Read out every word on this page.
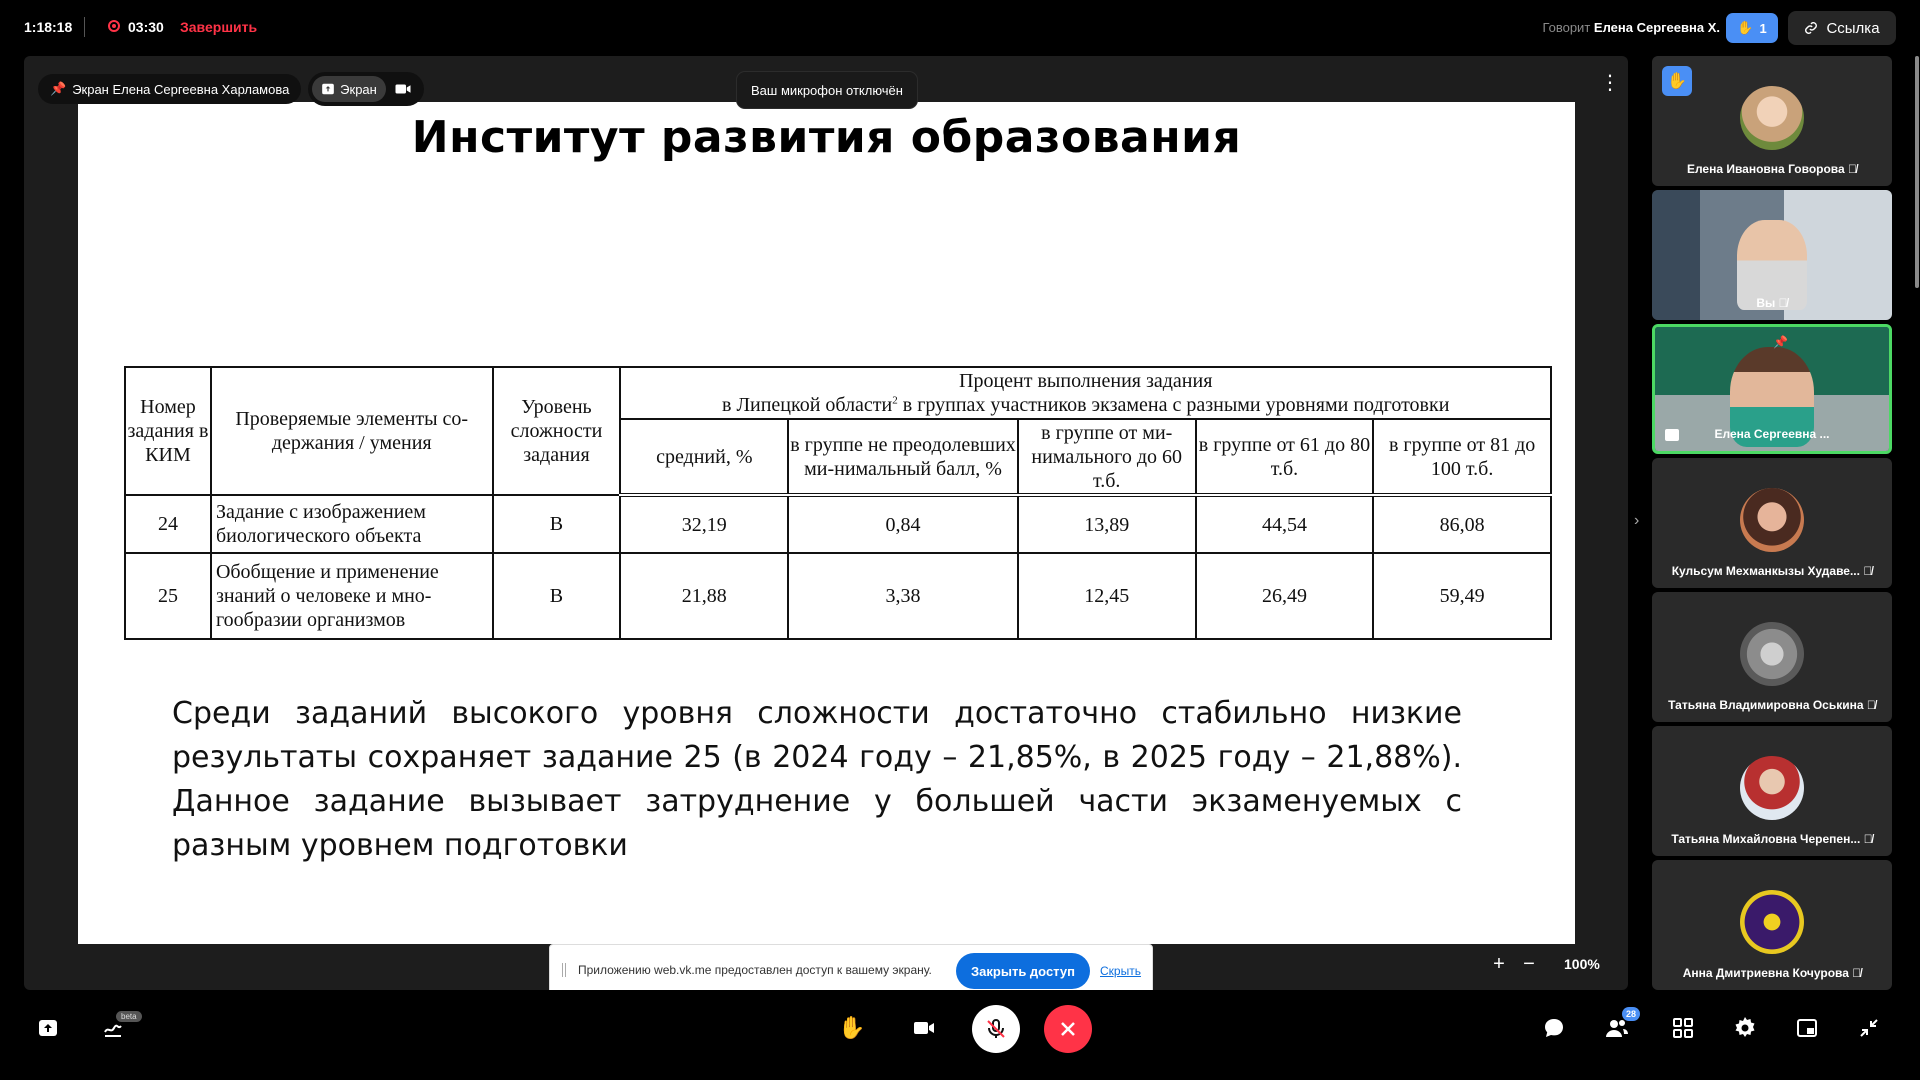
1:18:18	03:30 Завершить	Говорит Елена Сергеевна Х. ✋ 1	Ссылка
Институт развития образования
Номер задания в КИМ	Проверяемые элементы со-держания / умения	Уровень сложности задания	Процент выполнения задания
в Липецкой области$^2$ в группах участников экзамена с разными уровнями подготовки				
			средний, %	в группе не преодолевших ми-нимальный балл, %	в группе от ми-нимального до 60 т.б.	в группе от 61 до 80 т.б.	в группе от 81 до 100 т.б.
24	Задание с изображением биологического объекта	В	32,19	0,84	13,89	44,54	86,08
25	Обобщение и применение знаний о человеке и мно-гообразии организмов	В	21,88	3,38	12,45	26,49	59,49
Среди заданий высокого уровня сложности достаточно стабильно низкие результаты сохраняет задание 25 (в 2024 году – 21,85%, в 2025 году – 21,88%). Данное задание вызывает затруднение у большей части экзаменуемых с разным уровнем подготовки
📌 Экран Елена Сергеевна Харламова	Экран	Ваш микрофон отключён	⋮
Приложению web.vk.me предоставлен доступ к вашему экрану.	Закрыть доступ	Скрыть	+ −	100%
›
✋
Елена Ивановна Говорова 🎙̸
Вы 🎙̸
📌
Елена Сергеевна ...
Кульсум Мехманкызы Худаве... 🎙̸
Татьяна Владимировна Оськина 🎙̸
Татьяна Михайловна Черепен... 🎙̸
Анна Дмитриевна Кочурова 🎙̸
beta	✋
28
